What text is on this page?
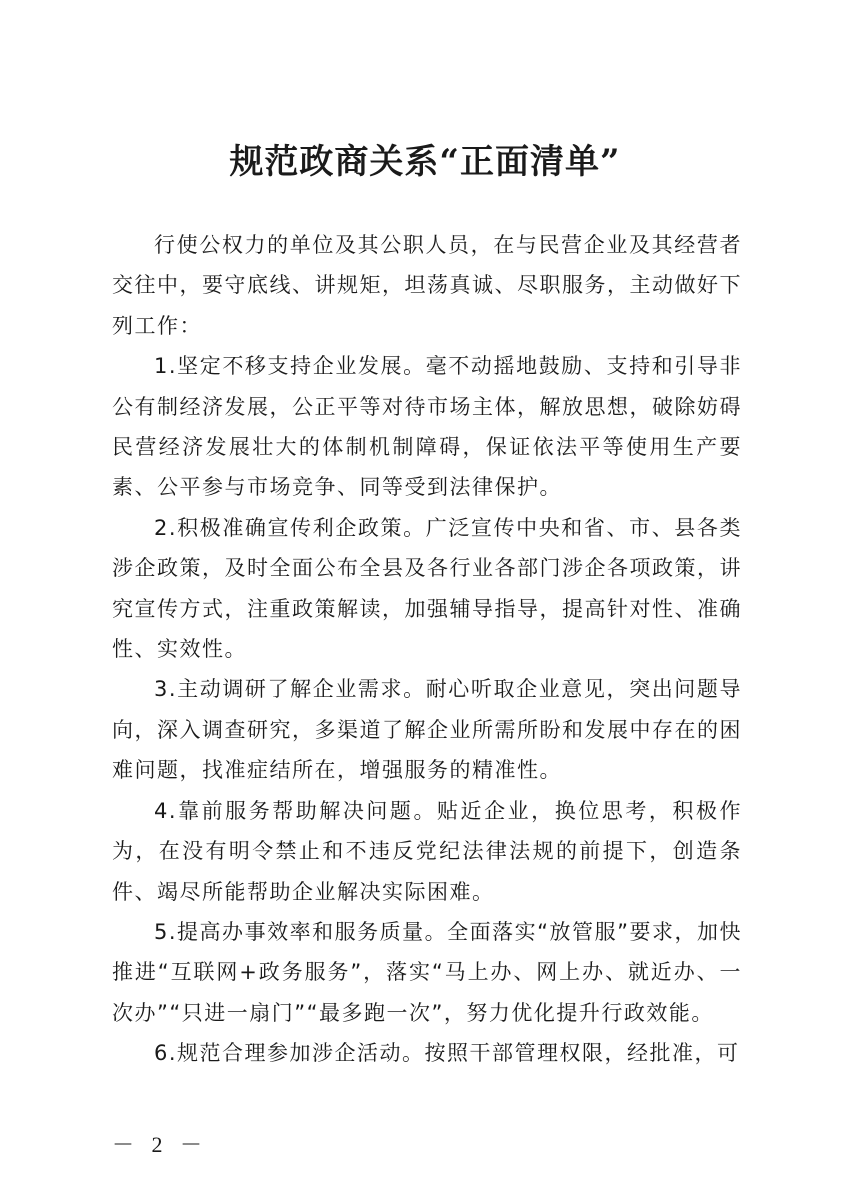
规范政商关系“正面清单”

行使公权力的单位及其公职人员，在与民营企业及其经营者交往中，要守底线、讲规矩，坦荡真诚、尽职服务，主动做好下列工作：

1.坚定不移支持企业发展。毫不动摇地鼓励、支持和引导非公有制经济发展，公正平等对待市场主体，解放思想，破除妨碍民营经济发展壮大的体制机制障碍，保证依法平等使用生产要素、公平参与市场竞争、同等受到法律保护。

2.积极准确宣传利企政策。广泛宣传中央和省、市、县各类涉企政策，及时全面公布全县及各行业各部门涉企各项政策，讲究宣传方式，注重政策解读，加强辅导指导，提高针对性、准确性、实效性。

3.主动调研了解企业需求。耐心听取企业意见，突出问题导向，深入调查研究，多渠道了解企业所需所盼和发展中存在的困难问题，找准症结所在，增强服务的精准性。

4.靠前服务帮助解决问题。贴近企业，换位思考，积极作为，在没有明令禁止和不违反党纪法律法规的前提下，创造条件、竭尽所能帮助企业解决实际困难。

5.提高办事效率和服务质量。全面落实“放管服”要求，加快推进“互联网+政务服务”，落实“马上办、网上办、就近办、一次办”“只进一扇门”“最多跑一次”，努力优化提升行政效能。

6.规范合理参加涉企活动。按照干部管理权限，经批准，可

－ 2 －
